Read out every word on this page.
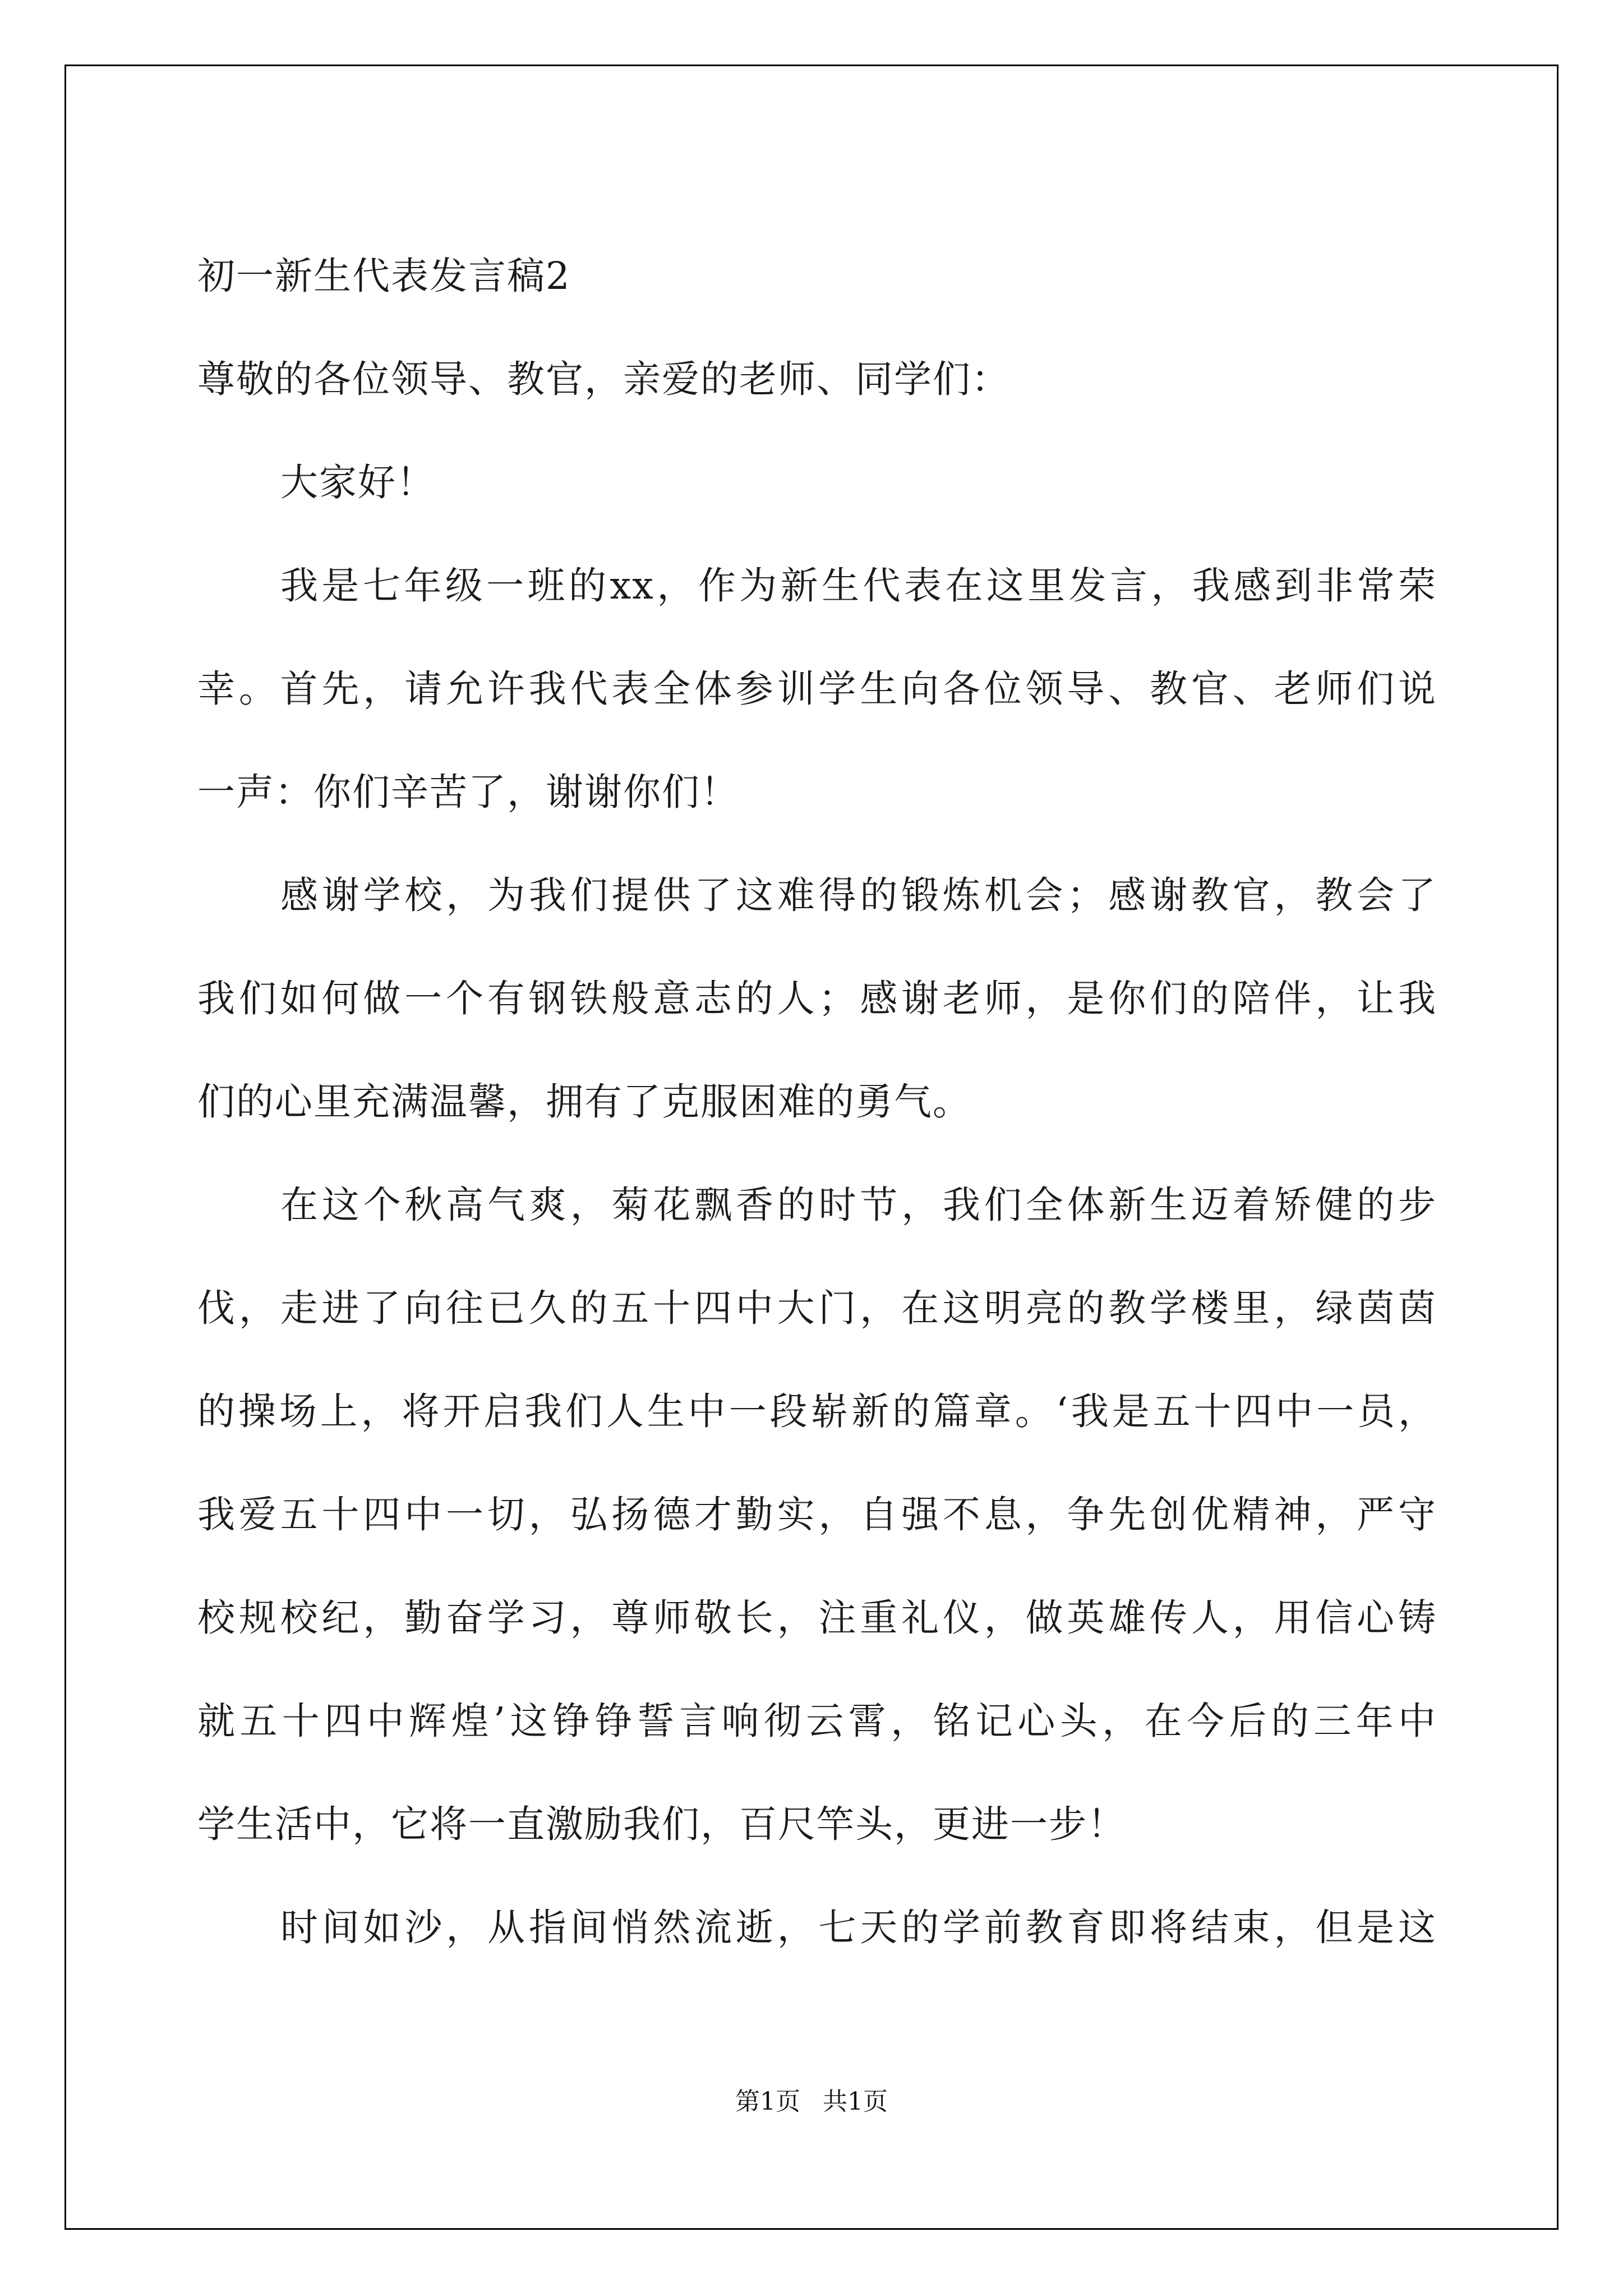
初一新生代表发言稿2
尊敬的各位领导、教官，亲爱的老师、同学们：
大家好！
我是七年级一班的xx，作为新生代表在这里发言，我感到非常荣
幸。首先，请允许我代表全体参训学生向各位领导、教官、老师们说
一声：你们辛苦了，谢谢你们！
感谢学校，为我们提供了这难得的锻炼机会；感谢教官，教会了
我们如何做一个有钢铁般意志的人；感谢老师，是你们的陪伴，让我
们的心里充满温馨，拥有了克服困难的勇气。
在这个秋高气爽，菊花飘香的时节，我们全体新生迈着矫健的步
伐，走进了向往已久的五十四中大门，在这明亮的教学楼里，绿茵茵
的操场上，将开启我们人生中一段崭新的篇章。‘我是五十四中一员，
我爱五十四中一切，弘扬德才勤实，自强不息，争先创优精神，严守
校规校纪，勤奋学习，尊师敬长，注重礼仪，做英雄传人，用信心铸
就五十四中辉煌’这铮铮誓言响彻云霄，铭记心头，在今后的三年中
学生活中，它将一直激励我们，百尺竿头，更进一步！
时间如沙，从指间悄然流逝，七天的学前教育即将结束，但是这
第1页 共1页
